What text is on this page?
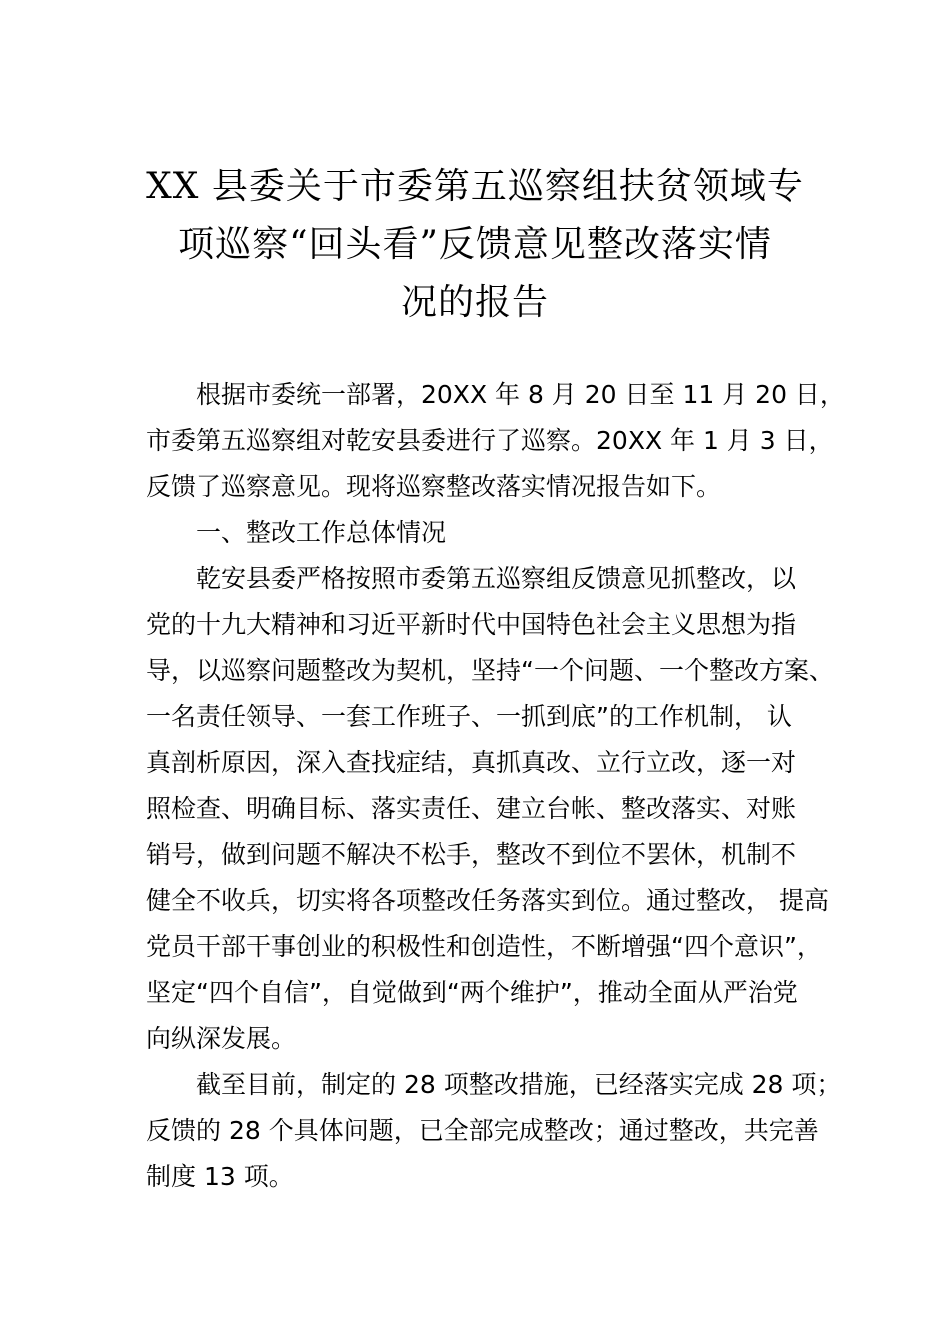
XX 县委关于市委第五巡察组扶贫领域专
项巡察“回头看”反馈意见整改落实情
况的报告
根据市委统一部署，20XX 年 8 月 20 日至 11 月 20 日，
市委第五巡察组对乾安县委进行了巡察。20XX 年 1 月 3 日，
反馈了巡察意见。现将巡察整改落实情况报告如下。
一、整改工作总体情况
乾安县委严格按照市委第五巡察组反馈意见抓整改，以
党的十九大精神和习近平新时代中国特色社会主义思想为指
导，以巡察问题整改为契机，坚持“一个问题、一个整改方案、
一名责任领导、一套工作班子、一抓到底”的工作机制， 认
真剖析原因，深入查找症结，真抓真改、立行立改，逐一对
照检查、明确目标、落实责任、建立台帐、整改落实、对账
销号，做到问题不解决不松手，整改不到位不罢休，机制不
健全不收兵，切实将各项整改任务落实到位。通过整改， 提高
党员干部干事创业的积极性和创造性，不断增强“四个意识”，
坚定“四个自信”，自觉做到“两个维护”，推动全面从严治党
向纵深发展。
截至目前，制定的 28 项整改措施，已经落实完成 28 项；
反馈的 28 个具体问题，已全部完成整改；通过整改，共完善
制度 13 项。
